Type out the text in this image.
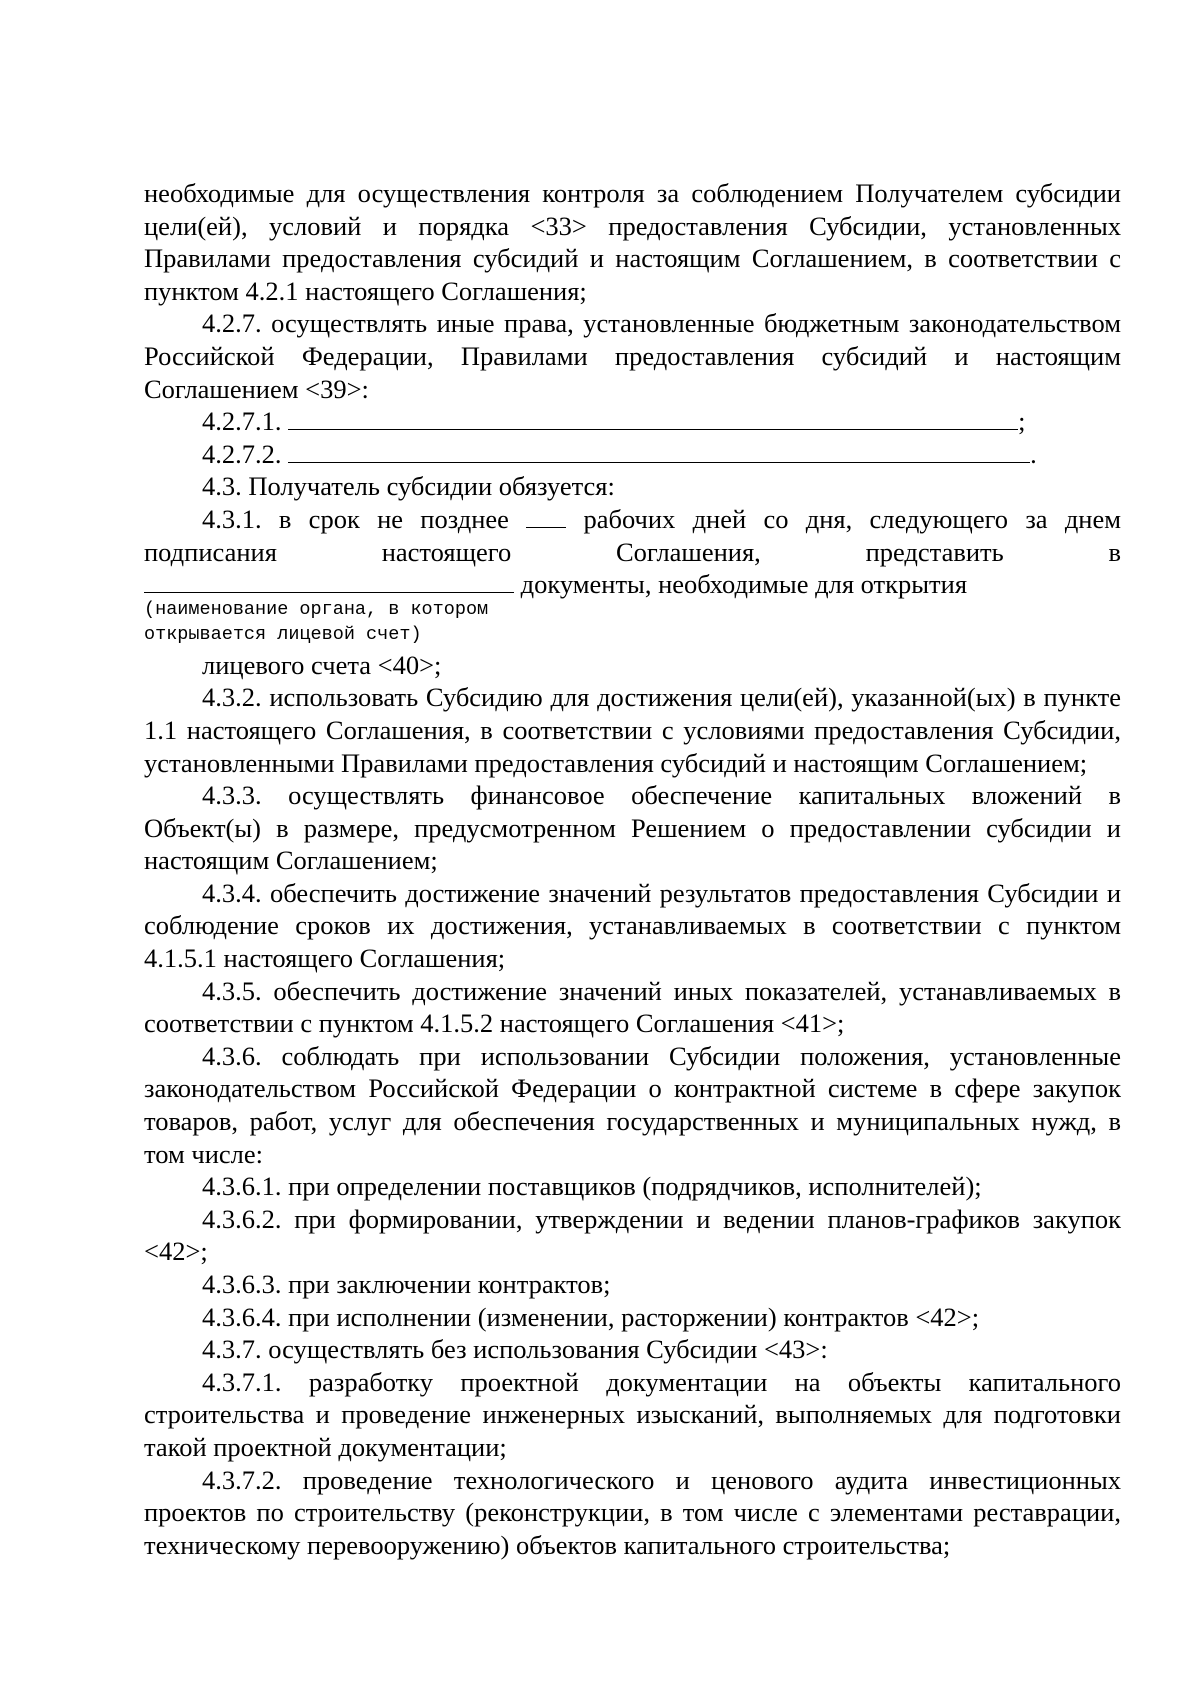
необходимые для осуществления контроля за соблюдением Получателем субсидии цели(ей), условий и порядка <33> предоставления Субсидии, установленных Правилами предоставления субсидий и настоящим Соглашением, в соответствии с пунктом 4.2.1 настоящего Соглашения;

4.2.7. осуществлять иные права, установленные бюджетным законодательством Российской Федерации, Правилами предоставления субсидий и настоящим Соглашением <39>:

4.2.7.1.	;

4.2.7.2.	.

4.3. Получатель субсидии обязуется:

4.3.1. в срок не позднее	рабочих дней со дня, следующего за днем

подписания настоящего Соглашения, представить в

документы, необходимые для открытия

(наименование органа, в котором
открывается лицевой счет)

лицевого счета <40>;

4.3.2. использовать Субсидию для достижения цели(ей), указанной(ых) в пункте 1.1 настоящего Соглашения, в соответствии с условиями предоставления Субсидии, установленными Правилами предоставления субсидий и настоящим Соглашением;

4.3.3. осуществлять финансовое обеспечение капитальных вложений в Объект(ы) в размере, предусмотренном Решением о предоставлении субсидии и настоящим Соглашением;

4.3.4. обеспечить достижение значений результатов предоставления Субсидии и соблюдение сроков их достижения, устанавливаемых в соответствии с пунктом 4.1.5.1 настоящего Соглашения;

4.3.5. обеспечить достижение значений иных показателей, устанавливаемых в соответствии с пунктом 4.1.5.2 настоящего Соглашения <41>;

4.3.6. соблюдать при использовании Субсидии положения, установленные законодательством Российской Федерации о контрактной системе в сфере закупок товаров, работ, услуг для обеспечения государственных и муниципальных нужд, в том числе:

4.3.6.1. при определении поставщиков (подрядчиков, исполнителей);

4.3.6.2. при формировании, утверждении и ведении планов-графиков закупок <42>;

4.3.6.3. при заключении контрактов;

4.3.6.4. при исполнении (изменении, расторжении) контрактов <42>;

4.3.7. осуществлять без использования Субсидии <43>:

4.3.7.1. разработку проектной документации на объекты капитального строительства и проведение инженерных изысканий, выполняемых для подготовки такой проектной документации;

4.3.7.2. проведение технологического и ценового аудита инвестиционных проектов по строительству (реконструкции, в том числе с элементами реставрации, техническому перевооружению) объектов капитального строительства;
